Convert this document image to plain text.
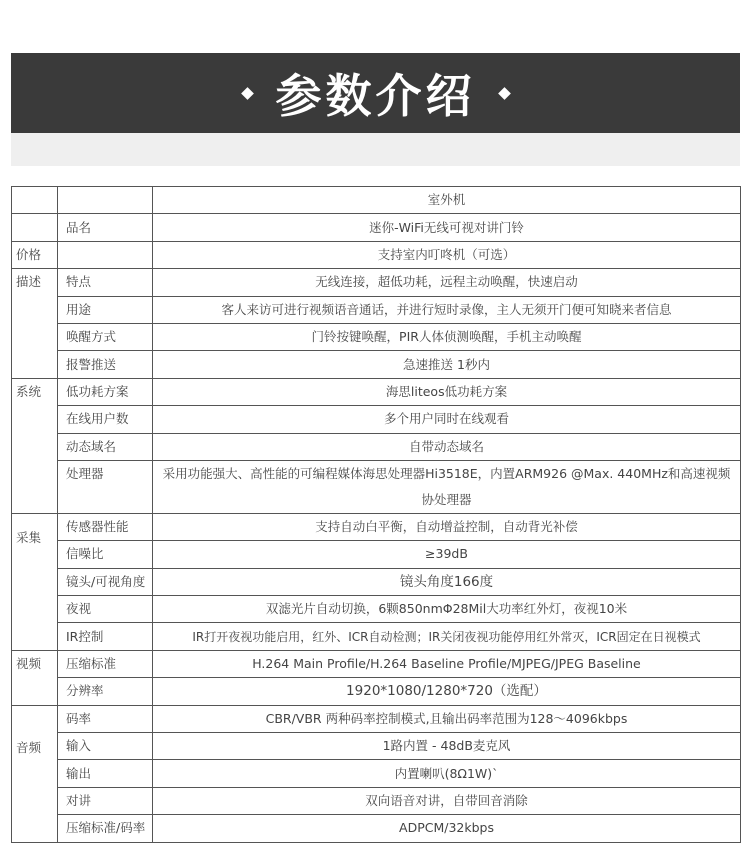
参数介绍
		室外机
	品名	迷你-WiFi无线可视对讲门铃
价格		支持室内叮咚机（可选）
描述	特点	无线连接，超低功耗，远程主动唤醒，快速启动
	用途	客人来访可进行视频语音通话，并进行短时录像，主人无须开门便可知晓来者信息
	唤醒方式	门铃按键唤醒，PIR人体侦测唤醒，手机主动唤醒
	报警推送	急速推送 1秒内
系统	低功耗方案	海思liteos低功耗方案
	在线用户数	多个用户同时在线观看
	动态域名	自带动态域名
	处理器	采用功能强大、高性能的可编程媒体海思处理器Hi3518E，内置ARM926 @Max. 440MHz和高速视频协处理器
采集	传感器性能	支持自动白平衡，自动增益控制，自动背光补偿
	信噪比	≥39dB
	镜头/可视角度	镜头角度166度
	夜视	双滤光片自动切换，6颗850nmΦ28Mil大功率红外灯，夜视10米
	IR控制	IR打开夜视功能启用，红外、ICR自动检测；IR关闭夜视功能停用红外常灭，ICR固定在日视模式
视频	压缩标准	H.264 Main Profile/H.264 Baseline Profile/MJPEG/JPEG Baseline
	分辨率	1920*1080/1280*720（选配）
音频	码率	CBR/VBR 两种码率控制模式,且输出码率范围为128～4096kbps
	输入	1路内置 - 48dB麦克风
	输出	内置喇叭(8Ω1W)`
	对讲	双向语音对讲，自带回音消除
	压缩标准/码率	ADPCM/32kbps
